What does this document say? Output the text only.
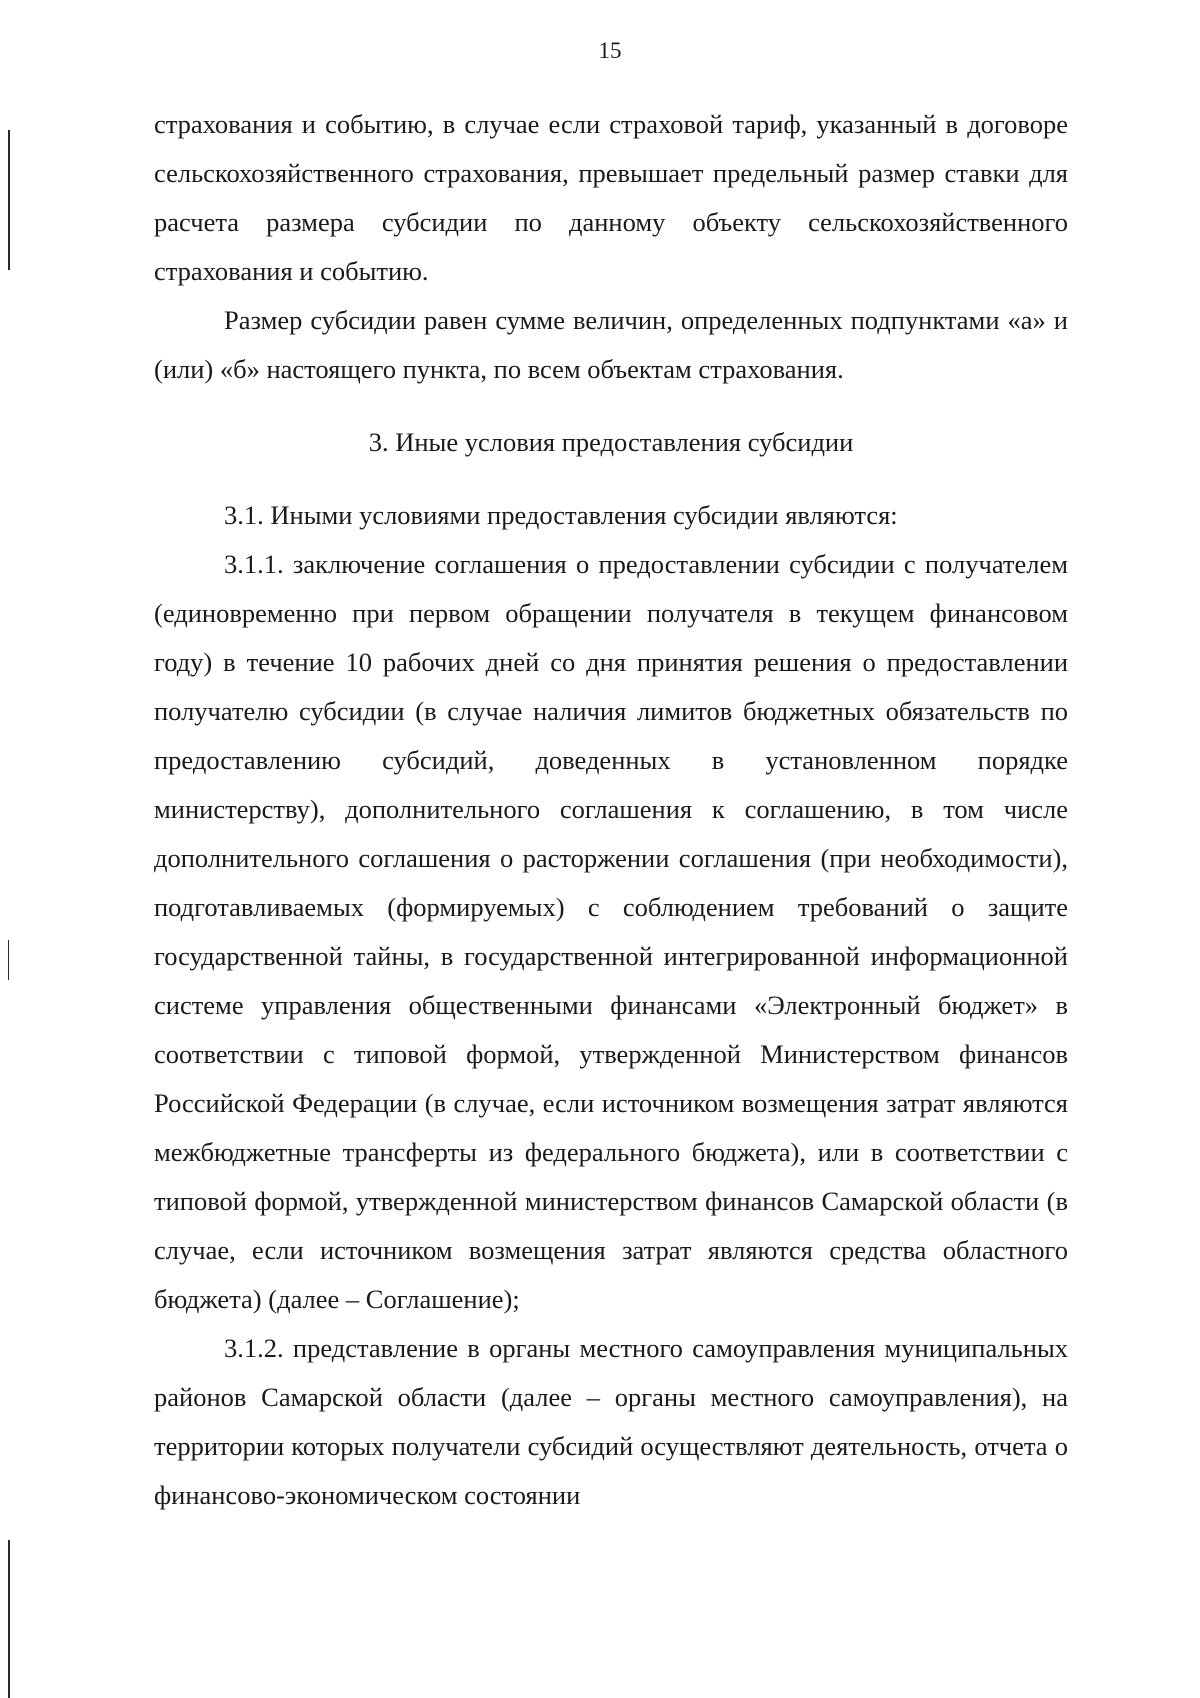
15

страхования и событию, в случае если страховой тариф, указанный в договоре сельскохозяйственного страхования, превышает предельный размер ставки для расчета размера субсидии по данному объекту сельскохозяйственного страхования и событию.

Размер субсидии равен сумме величин, определенных подпунктами «а» и (или) «б» настоящего пункта, по всем объектам страхования.

3. Иные условия предоставления субсидии

3.1. Иными условиями предоставления субсидии являются:

3.1.1. заключение соглашения о предоставлении субсидии с получателем (единовременно при первом обращении получателя в текущем финансовом году) в течение 10 рабочих дней со дня принятия решения о предоставлении получателю субсидии (в случае наличия лимитов бюджетных обязательств по предоставлению субсидий, доведенных в установленном порядке министерству), дополнительного соглашения к соглашению, в том числе дополнительного соглашения о расторжении соглашения (при необходимости), подготавливаемых (формируемых) с соблюдением требований о защите государственной тайны, в государственной интегрированной информационной системе управления общественными финансами «Электронный бюджет» в соответствии с типовой формой, утвержденной Министерством финансов Российской Федерации (в случае, если источником возмещения затрат являются межбюджетные трансферты из федерального бюджета), или в соответствии с типовой формой, утвержденной министерством финансов Самарской области (в случае, если источником возмещения затрат являются средства областного бюджета) (далее – Соглашение);

3.1.2. представление в органы местного самоуправления муниципальных районов Самарской области (далее – органы местного самоуправления), на территории которых получатели субсидий осуществляют деятельность, отчета о финансово-экономическом состоянии
